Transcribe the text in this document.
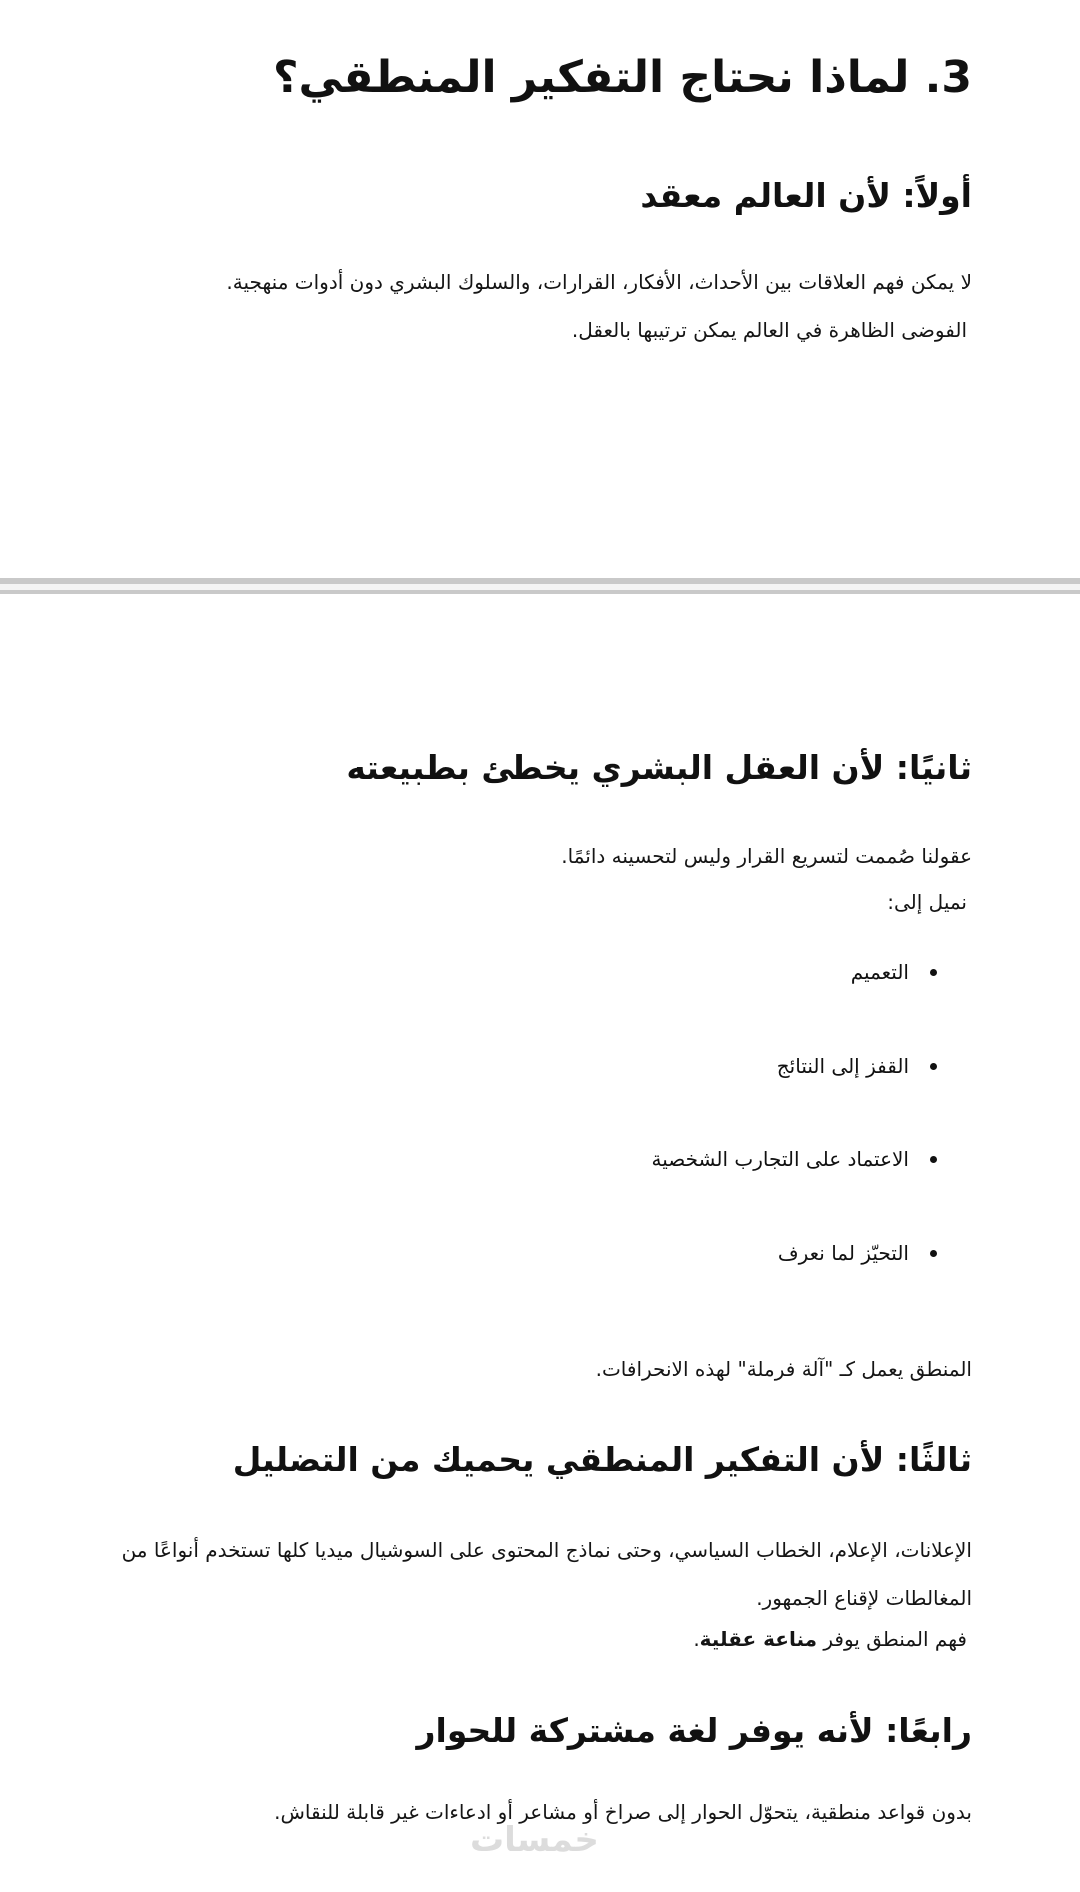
3. لماذا نحتاج التفكير المنطقي؟
أولاً: لأن العالم معقد

لا يمكن فهم العلاقات بين الأحداث، الأفكار، القرارات، والسلوك البشري دون أدوات منهجية.

الفوضى الظاهرة في العالم يمكن ترتيبها بالعقل.

ثانيًا: لأن العقل البشري يخطئ بطبيعته

عقولنا صُممت لتسريع القرار وليس لتحسينه دائمًا.

نميل إلى:

التعميم
القفز إلى النتائج
الاعتماد على التجارب الشخصية
التحيّز لما نعرف

المنطق يعمل كـ "آلة فرملة" لهذه الانحرافات.

ثالثًا: لأن التفكير المنطقي يحميك من التضليل

الإعلانات، الإعلام، الخطاب السياسي، وحتى نماذج المحتوى على السوشيال ميديا كلها تستخدم أنواعًا من المغالطات لإقناع الجمهور.

فهم المنطق يوفر مناعة عقلية.

رابعًا: لأنه يوفر لغة مشتركة للحوار

بدون قواعد منطقية، يتحوّل الحوار إلى صراخ أو مشاعر أو ادعاءات غير قابلة للنقاش.

خمسات
